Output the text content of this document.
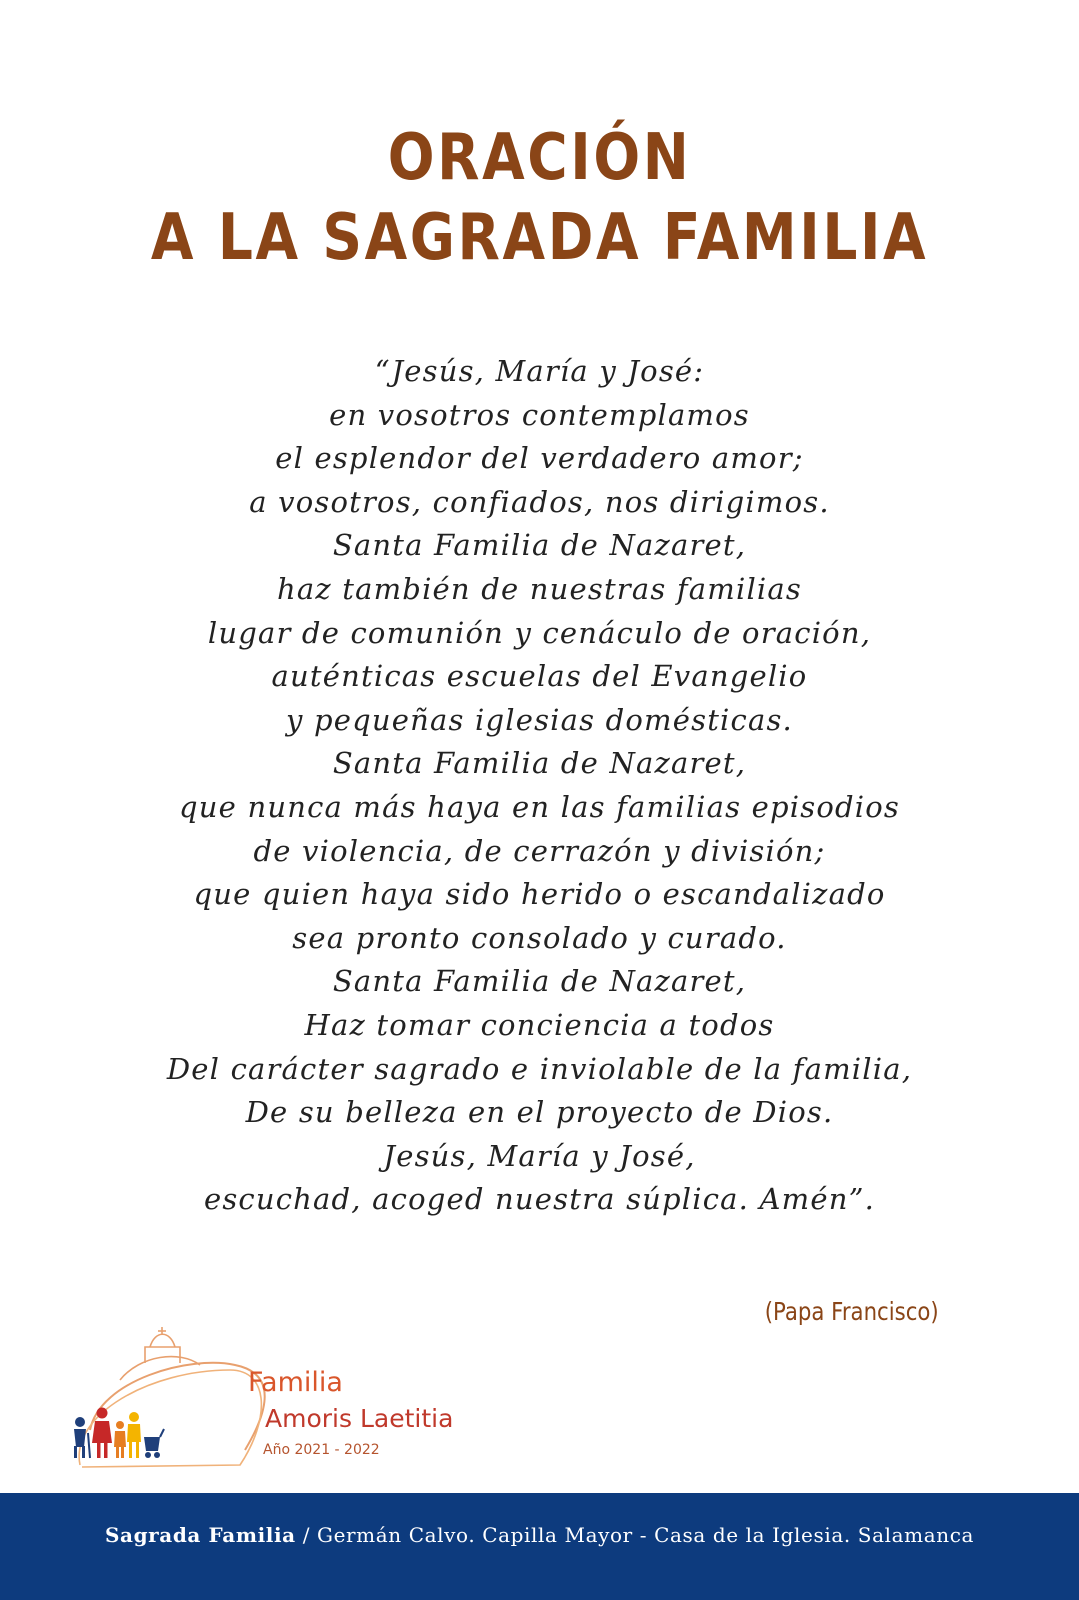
ORACIÓN
A LA SAGRADA FAMILIA
“Jesús, María y José:
en vosotros contemplamos
el esplendor del verdadero amor;
a vosotros, confiados, nos dirigimos.
Santa Familia de Nazaret,
haz también de nuestras familias
lugar de comunión y cenáculo de oración,
auténticas escuelas del Evangelio
y pequeñas iglesias domésticas.
Santa Familia de Nazaret,
que nunca más haya en las familias episodios
de violencia, de cerrazón y división;
que quien haya sido herido o escandalizado
sea pronto consolado y curado.
Santa Familia de Nazaret,
Haz tomar conciencia a todos
Del carácter sagrado e inviolable de la familia,
De su belleza en el proyecto de Dios.
Jesús, María y José,
escuchad, acoged nuestra súplica. Amén”.
(Papa Francisco)
Familia
Amoris Laetitia
Año 2021 - 2022
Sagrada Familia / Germán Calvo. Capilla Mayor - Casa de la Iglesia. Salamanca
